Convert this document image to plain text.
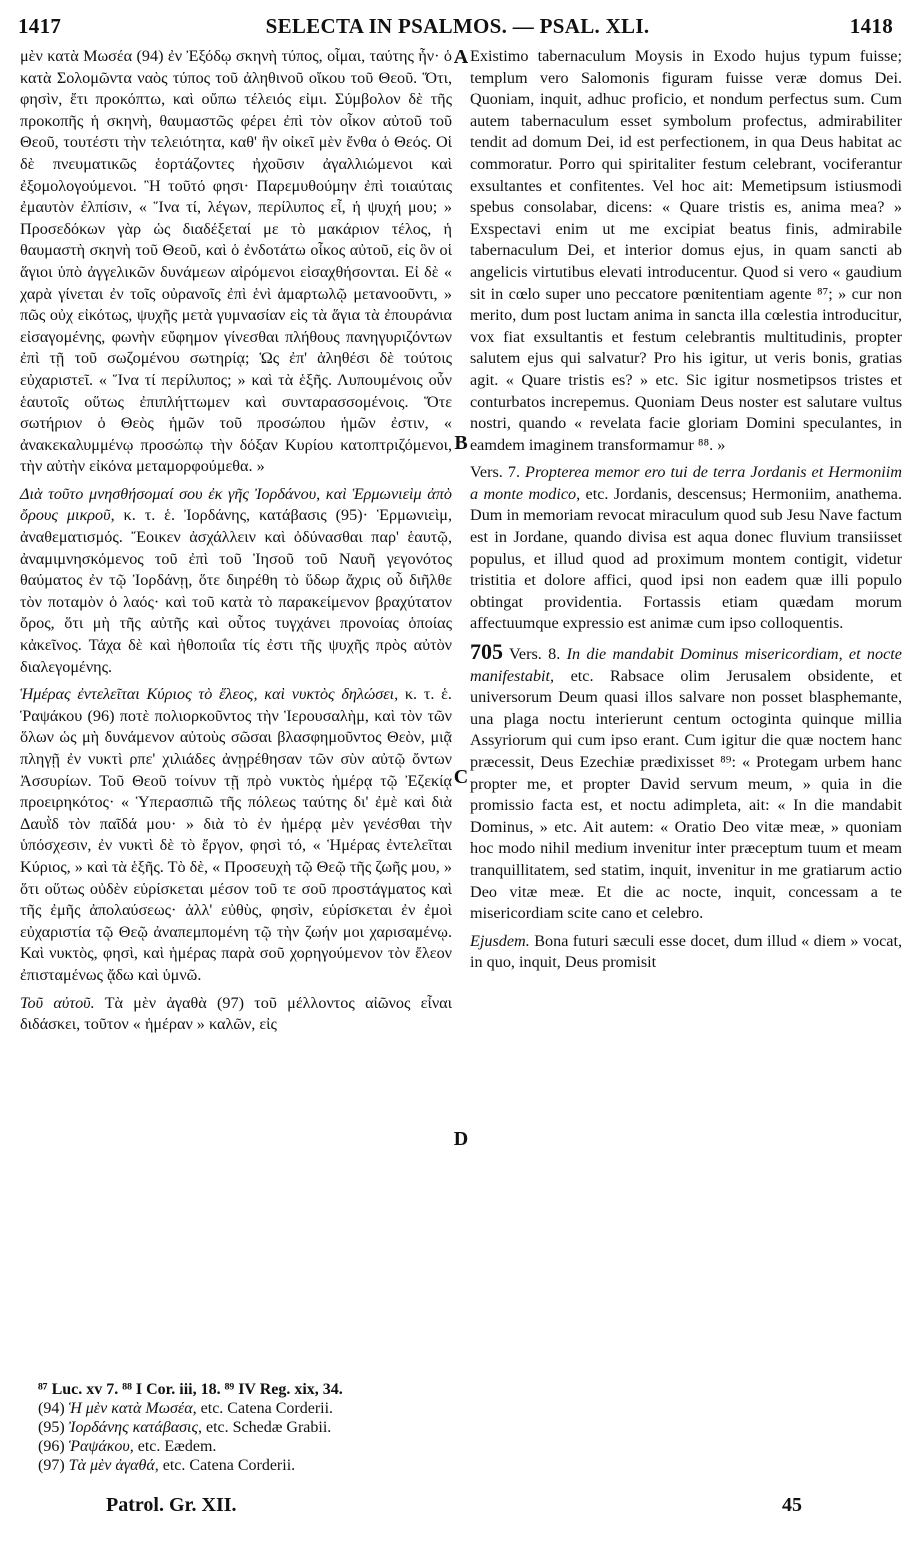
1417	SELECTA IN PSALMOS. — PSAL. XLI.	1418
A
B
C
D

μὲν κατὰ Μωσέα (94) ἐν Ἐξόδῳ σκηνὴ τύπος, οἶμαι, ταύτης ἦν· ὁ κατὰ Σολομῶντα ναὸς τύπος τοῦ ἀληθινοῦ οἴκου τοῦ Θεοῦ. Ὅτι, φησὶν, ἔτι προκόπτω, καὶ οὔπω τέλειός εἰμι. Σύμβολον δὲ τῆς προκοπῆς ἡ σκηνὴ, θαυμαστῶς φέρει ἐπὶ τὸν οἶκον αὐτοῦ τοῦ Θεοῦ, τουτέστι τὴν τελειότητα, καθ' ἣν οἰκεῖ μὲν ἔνθα ὁ Θεός. Οἱ δὲ πνευματικῶς ἑορτάζοντες ἠχοῦσιν ἀγαλλιώμενοι καὶ ἐξομολογούμενοι. Ἢ τοῦτό φησι· Παρεμυθούμην ἐπὶ τοιαύταις ἐμαυτὸν ἐλπίσιν, « Ἵνα τί, λέγων, περίλυπος εἶ, ἡ ψυχή μου; » Προσεδόκων γὰρ ὡς διαδέξεταί με τὸ μακάριον τέλος, ἡ θαυμαστὴ σκηνὴ τοῦ Θεοῦ, καὶ ὁ ἐνδοτάτω οἶκος αὐτοῦ, εἰς ὃν οἱ ἅγιοι ὑπὸ ἀγγελικῶν δυνάμεων αἰρόμενοι εἰσαχθήσονται. Εἰ δὲ « χαρὰ γίνεται ἐν τοῖς οὐρανοῖς ἐπὶ ἑνὶ ἁμαρτωλῷ μετανοοῦντι, » πῶς οὐχ εἰκότως, ψυχῆς μετὰ γυμνασίαν εἰς τὰ ἅγια τὰ ἐπουράνια εἰσαγομένης, φωνὴν εὔφημον γίνεσθαι πλήθους πανηγυριζόντων ἐπὶ τῇ τοῦ σωζομένου σωτηρίᾳ; Ὡς ἐπ' ἀληθέσι δὲ τούτοις εὐχαριστεῖ. « Ἵνα τί περίλυπος; » καὶ τὰ ἑξῆς. Λυπουμένοις οὖν ἑαυτοῖς οὕτως ἐπιπλήττωμεν καὶ συνταρασσομένοις. Ὅτε σωτήριον ὁ Θεὸς ἡμῶν τοῦ προσώπου ἡμῶν ἐστιν, « ἀνακεκαλυμμένῳ προσώπῳ τὴν δόξαν Κυρίου κατοπτριζόμενοι, τὴν αὐτὴν εἰκόνα μεταμορφούμεθα. »

Διὰ τοῦτο μνησθήσομαί σου ἐκ γῆς Ἰορδάνου, καὶ Ἑρμωνιεὶμ ἀπὸ ὄρους μικροῦ, κ. τ. ἑ. Ἰορδάνης, κατάβασις (95)· Ἑρμωνιεὶμ, ἀναθεματισμός. Ἔοικεν ἀσχάλλειν καὶ ὀδύνασθαι παρ' ἑαυτῷ, ἀναμιμνησκόμενος τοῦ ἐπὶ τοῦ Ἰησοῦ τοῦ Ναυῆ γεγονότος θαύματος ἐν τῷ Ἰορδάνῃ, ὅτε διηρέθη τὸ ὕδωρ ἄχρις οὗ διῆλθε τὸν ποταμὸν ὁ λαός· καὶ τοῦ κατὰ τὸ παρακείμενον βραχύτατον ὄρος, ὅτι μὴ τῆς αὐτῆς καὶ οὗτος τυγχάνει προνοίας ὁποίας κἀκεῖνος. Τάχα δὲ καὶ ἠθοποιΐα τίς ἐστι τῆς ψυχῆς πρὸς αὐτὸν διαλεγομένης.

Ἡμέρας ἐντελεῖται Κύριος τὸ ἔλεος, καὶ νυκτὸς δηλώσει, κ. τ. ἑ. Ῥαψάκου (96) ποτὲ πολιορκοῦντος τὴν Ἱερουσαλὴμ, καὶ τὸν τῶν ὅλων ὡς μὴ δυνάμενον αὐτοὺς σῶσαι βλασφημοῦντος Θεὸν, μιᾷ πληγῇ ἐν νυκτὶ ρπε' χιλιάδες ἀνῃρέθησαν τῶν σὺν αὐτῷ ὄντων Ἀσσυρίων. Τοῦ Θεοῦ τοίνυν τῇ πρὸ νυκτὸς ἡμέρᾳ τῷ Ἐζεκίᾳ προειρηκότος· « Ὑπερασπιῶ τῆς πόλεως ταύτης δι' ἐμὲ καὶ διὰ Δαυῒδ τὸν παῖδά μου· » διὰ τὸ ἐν ἡμέρᾳ μὲν γενέσθαι τὴν ὑπόσχεσιν, ἐν νυκτὶ δὲ τὸ ἔργον, φησὶ τό, « Ἡμέρας ἐντελεῖται Κύριος, » καὶ τὰ ἑξῆς. Τὸ δὲ, « Προσευχὴ τῷ Θεῷ τῆς ζωῆς μου, » ὅτι οὕτως οὐδὲν εὑρίσκεται μέσον τοῦ τε σοῦ προστάγματος καὶ τῆς ἐμῆς ἀπολαύσεως· ἀλλ' εὐθὺς, φησὶν, εὑρίσκεται ἐν ἐμοὶ εὐχαριστία τῷ Θεῷ ἀναπεμπομένη τῷ τὴν ζωήν μοι χαρισαμένῳ. Καὶ νυκτὸς, φησὶ, καὶ ἡμέρας παρὰ σοῦ χορηγούμενον τὸν ἔλεον ἐπισταμένως ᾄδω καὶ ὑμνῶ.

Τοῦ αὐτοῦ. Τὰ μὲν ἀγαθὰ (97) τοῦ μέλλοντος αἰῶνος εἶναι διδάσκει, τοῦτον « ἡμέραν » καλῶν, εἰς

Existimo tabernaculum Moysis in Exodo hujus typum fuisse; templum vero Salomonis figuram fuisse veræ domus Dei. Quoniam, inquit, adhuc proficio, et nondum perfectus sum. Cum autem tabernaculum esset symbolum profectus, admirabiliter tendit ad domum Dei, id est perfectionem, in qua Deus habitat ac commoratur. Porro qui spiritaliter festum celebrant, vociferantur exsultantes et confitentes. Vel hoc ait: Memetipsum istiusmodi spebus consolabar, dicens: « Quare tristis es, anima mea? » Exspectavi enim ut me excipiat beatus finis, admirabile tabernaculum Dei, et interior domus ejus, in quam sancti ab angelicis virtutibus elevati introducentur. Quod si vero « gaudium sit in cœlo super uno peccatore pœnitentiam agente ⁸⁷; » cur non merito, dum post luctam anima in sancta illa cœlestia introducitur, vox fiat exsultantis et festum celebrantis multitudinis, propter salutem ejus qui salvatur? Pro his igitur, ut veris bonis, gratias agit. « Quare tristis es? » etc. Sic igitur nosmetipsos tristes et conturbatos increpemus. Quoniam Deus noster est salutare vultus nostri, quando « revelata facie gloriam Domini speculantes, in eamdem imaginem transformamur ⁸⁸. »

Vers. 7. Propterea memor ero tui de terra Jordanis et Hermoniim a monte modico, etc. Jordanis, descensus; Hermoniim, anathema. Dum in memoriam revocat miraculum quod sub Jesu Nave factum est in Jordane, quando divisa est aqua donec fluvium transiisset populus, et illud quod ad proximum montem contigit, videtur tristitia et dolore affici, quod ipsi non eadem quæ illi populo obtingat providentia. Fortassis etiam quædam morum affectuumque expressio est animæ cum ipso colloquentis.

705 Vers. 8. In die mandabit Dominus misericordiam, et nocte manifestabit, etc. Rabsace olim Jerusalem obsidente, et universorum Deum quasi illos salvare non posset blasphemante, una plaga noctu interierunt centum octoginta quinque millia Assyriorum qui cum ipso erant. Cum igitur die quæ noctem hanc præcessit, Deus Ezechiæ prædixisset ⁸⁹: « Protegam urbem hanc propter me, et propter David servum meum, » quia in die promissio facta est, et noctu adimpleta, ait: « In die mandabit Dominus, » etc. Ait autem: « Oratio Deo vitæ meæ, » quoniam hoc modo nihil medium invenitur inter præceptum tuum et meam tranquillitatem, sed statim, inquit, invenitur in me gratiarum actio Deo vitæ meæ. Et die ac nocte, inquit, concessam a te misericordiam scite cano et celebro.

Ejusdem. Bona futuri sæculi esse docet, dum illud « diem » vocat, in quo, inquit, Deus promisit

⁸⁷ Luc. xv 7. ⁸⁸ I Cor. iii, 18. ⁸⁹ IV Reg. xix, 34.
(94) Ἡ μὲν κατὰ Μωσέα, etc. Catena Corderii.
(95) Ἰορδάνης κατάβασις, etc. Schedæ Grabii.
(96) Ῥαψάκου, etc. Eædem.
(97) Τὰ μὲν ἀγαθά, etc. Catena Corderii.
Patrol. Gr. XII.	45
